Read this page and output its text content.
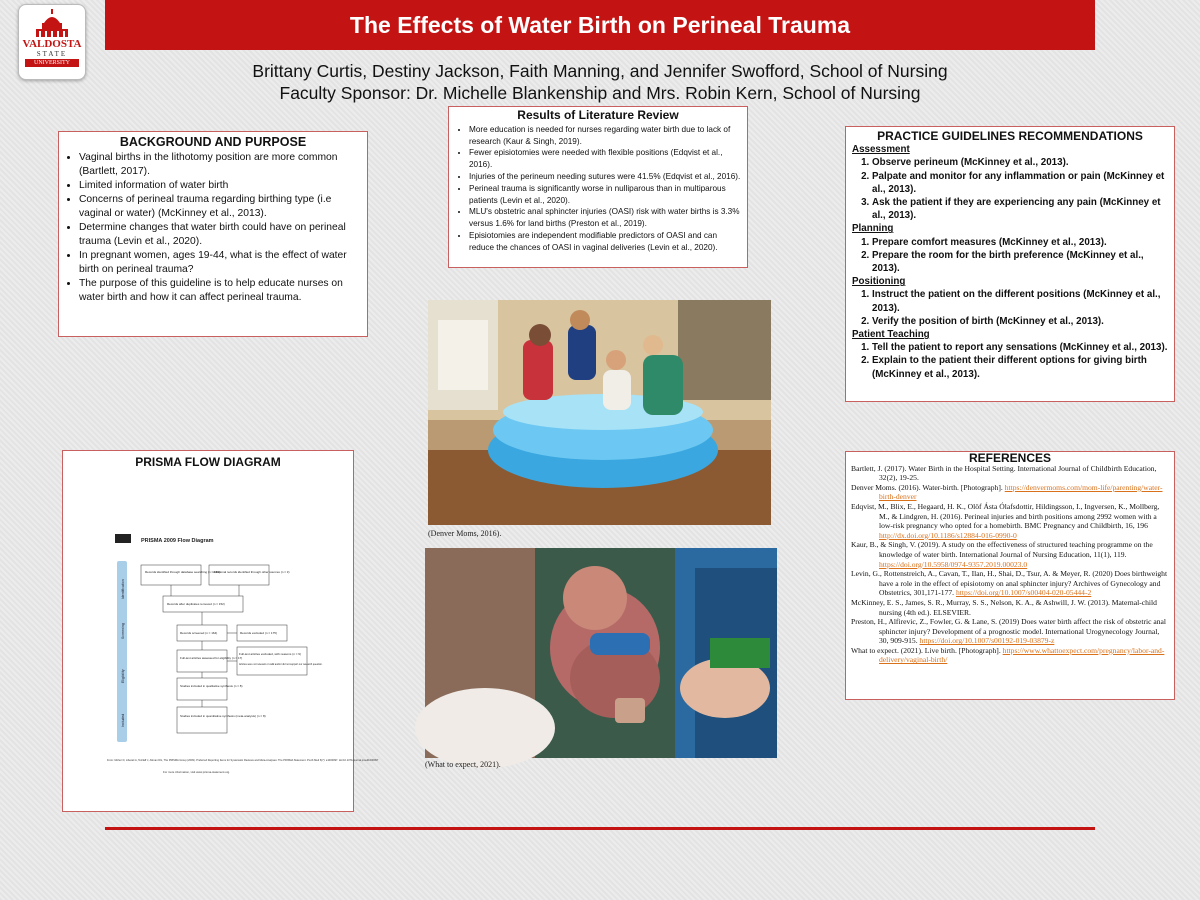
The Effects of Water Birth on Perineal Trauma
VALDOSTA
STATE
UNIVERSITY	Brittany Curtis, Destiny Jackson, Faith Manning, and Jennifer Swofford, School of Nursing
Faculty Sponsor: Dr. Michelle Blankenship and Mrs. Robin Kern, School of Nursing
BACKGROUND AND PURPOSE
• Vaginal births in the lithotomy position are more common (Bartlett, 2017).
• Limited information of water birth
• Concerns of perineal trauma regarding birthing type (i.e vaginal or water) (McKinney et al., 2013).
• Determine changes that water birth could have on perineal trauma (Levin et al., 2020).
• In pregnant women, ages 19-44, what is the effect of water birth on perineal trauma?
• The purpose of this guideline is to help educate nurses on water birth and how it can affect perineal trauma.
Results of Literature Review
• More education is needed for nurses regarding water birth due to lack of research (Kaur & Singh, 2019).
• Fewer episiotomies were needed with flexible positions (Edqvist et al., 2016).
• Injuries of the perineum needing sutures were 41.5% (Edqvist et al., 2016).
• Perineal trauma is significantly worse in nulliparous than in multiparous patients (Levin et al., 2020).
• MLU's obstetric anal sphincter injuries (OASI) risk with water births is 3.3% versus 1.6% for land births (Preston et al., 2019).
• Episiotomies are independent modifiable predictors of OASI and can reduce the chances of OASI in vaginal deliveries (Levin et al., 2020).
PRACTICE GUIDELINES RECOMMENDATIONS
Assessment
1. Observe perineum (McKinney et al., 2013).
2. Palpate and monitor for any inflammation or pain (McKinney et al., 2013).
3. Ask the patient if they are experiencing any pain (McKinney et al., 2013).
Planning
1. Prepare comfort measures (McKinney et al., 2013).
2. Prepare the room for the birth preference (McKinney et al., 2013).
Positioning
1. Instruct the patient on the different positions (McKinney et al., 2013).
2. Verify the position of birth (McKinney et al., 2013).
Patient Teaching
1. Tell the patient to report any sensations (McKinney et al., 2013).
2. Explain to the patient their different options for giving birth (McKinney et al., 2013).
(Denver Moms, 2016).
(What to expect, 2021).
PRISMA FLOW DIAGRAM
PRISMA 2009 Flow Diagram
Identification
Screening
Eligibility
Included
Records identified through database searching (n = 151)
Additional records identified through other sources (n = 3)
Records after duplicates removed (n = 152)
Records screened (n = 164)	Records excluded (n = 175)
Full-text articles assessed for eligibility (n = 17)
Full-text articles excluded, with reasons (n = 9)
Articles were not relevant or valid and/or did not support our research question.
Studies included in qualitative synthesis (n = 8)
Studies included in quantitative synthesis (meta-analysis) (n = 8)
From: Moher D, Liberati A, Tetzlaff J, Altman DG, The PRISMA Group (2009). Preferred Reporting Items for Systematic Reviews and Meta-Analyses: The PRISMA Statement. PLoS Med 6(7): e1000097. doi:10.1371/journal.pmed1000097
For more information, visit www.prisma-statement.org.
REFERENCES

Bartlett, J. (2017). Water Birth in the Hospital Setting. International Journal of Childbirth Education, 32(2), 19-25.

Denver Moms. (2016). Water-birth. [Photograph]. https://denvermoms.com/mom-life/parenting/water-birth-denver

Edqvist, M., Blix, E., Hegaard, H. K., Olöf Ásta Ólafsdottir, Hildingsson, I., Ingversen, K., Mollberg, M., & Lindgren, H. (2016). Perineal injuries and birth positions among 2992 women with a low-risk pregnancy who opted for a homebirth. BMC Pregnancy and Childbirth, 16, 196 http://dx.doi.org/10.1186/s12884-016-0990-0

Kaur, B., & Singh, V. (2019). A study on the effectiveness of structured teaching programme on the knowledge of water birth. International Journal of Nursing Education, 11(1), 119. https://doi.org/10.5958/0974-9357.2019.00023.0

Levin, G., Rottenstreich, A., Cavan, T., Ilan, H., Shai, D., Tsur, A. & Meyer, R. (2020) Does birthweight have a role in the effect of episiotomy on anal sphincter injury? Archives of Gynecology and Obstetrics, 301,171-177. https://doi.org/10.1007/s00404-020-05444-2

McKinney, E. S., James, S. R., Murray, S. S., Nelson, K. A., & Ashwill, J. W. (2013). Maternal-child nursing (4th ed.). ELSEVIER.

Preston, H., Alfirevic, Z., Fowler, G. & Lane, S. (2019) Does water birth affect the risk of obstetric anal sphincter injury? Development of a prognostic model. International Urogynecology Journal, 30, 909-915. https://doi.org/10.1007/s00192-019-03879-z

What to expect. (2021). Live birth. [Photograph]. https://www.whattoexpect.com/pregnancy/labor-and-delivery/vaginal-birth/
